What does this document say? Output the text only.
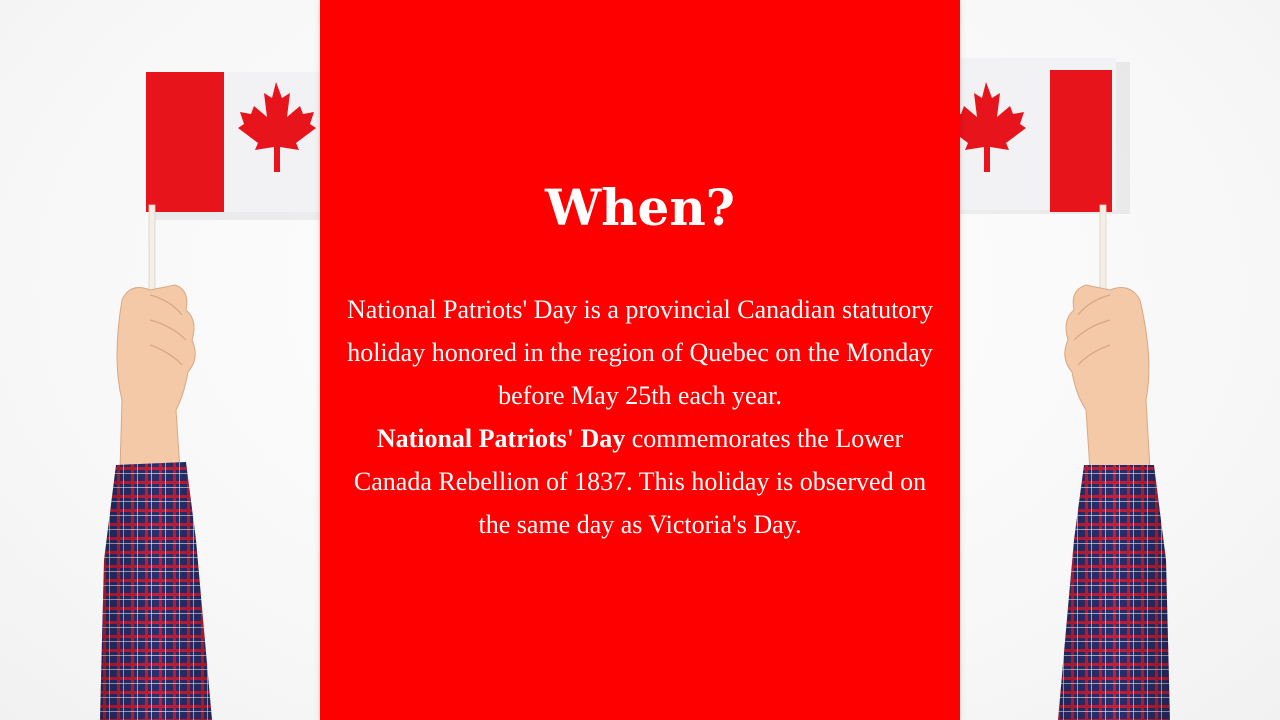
When?

National Patriots' Day is a provincial Canadian statutory holiday honored in the region of Quebec on the Monday before May 25th each year.
National Patriots' Day commemorates the Lower Canada Rebellion of 1837. This holiday is observed on the same day as Victoria's Day.
